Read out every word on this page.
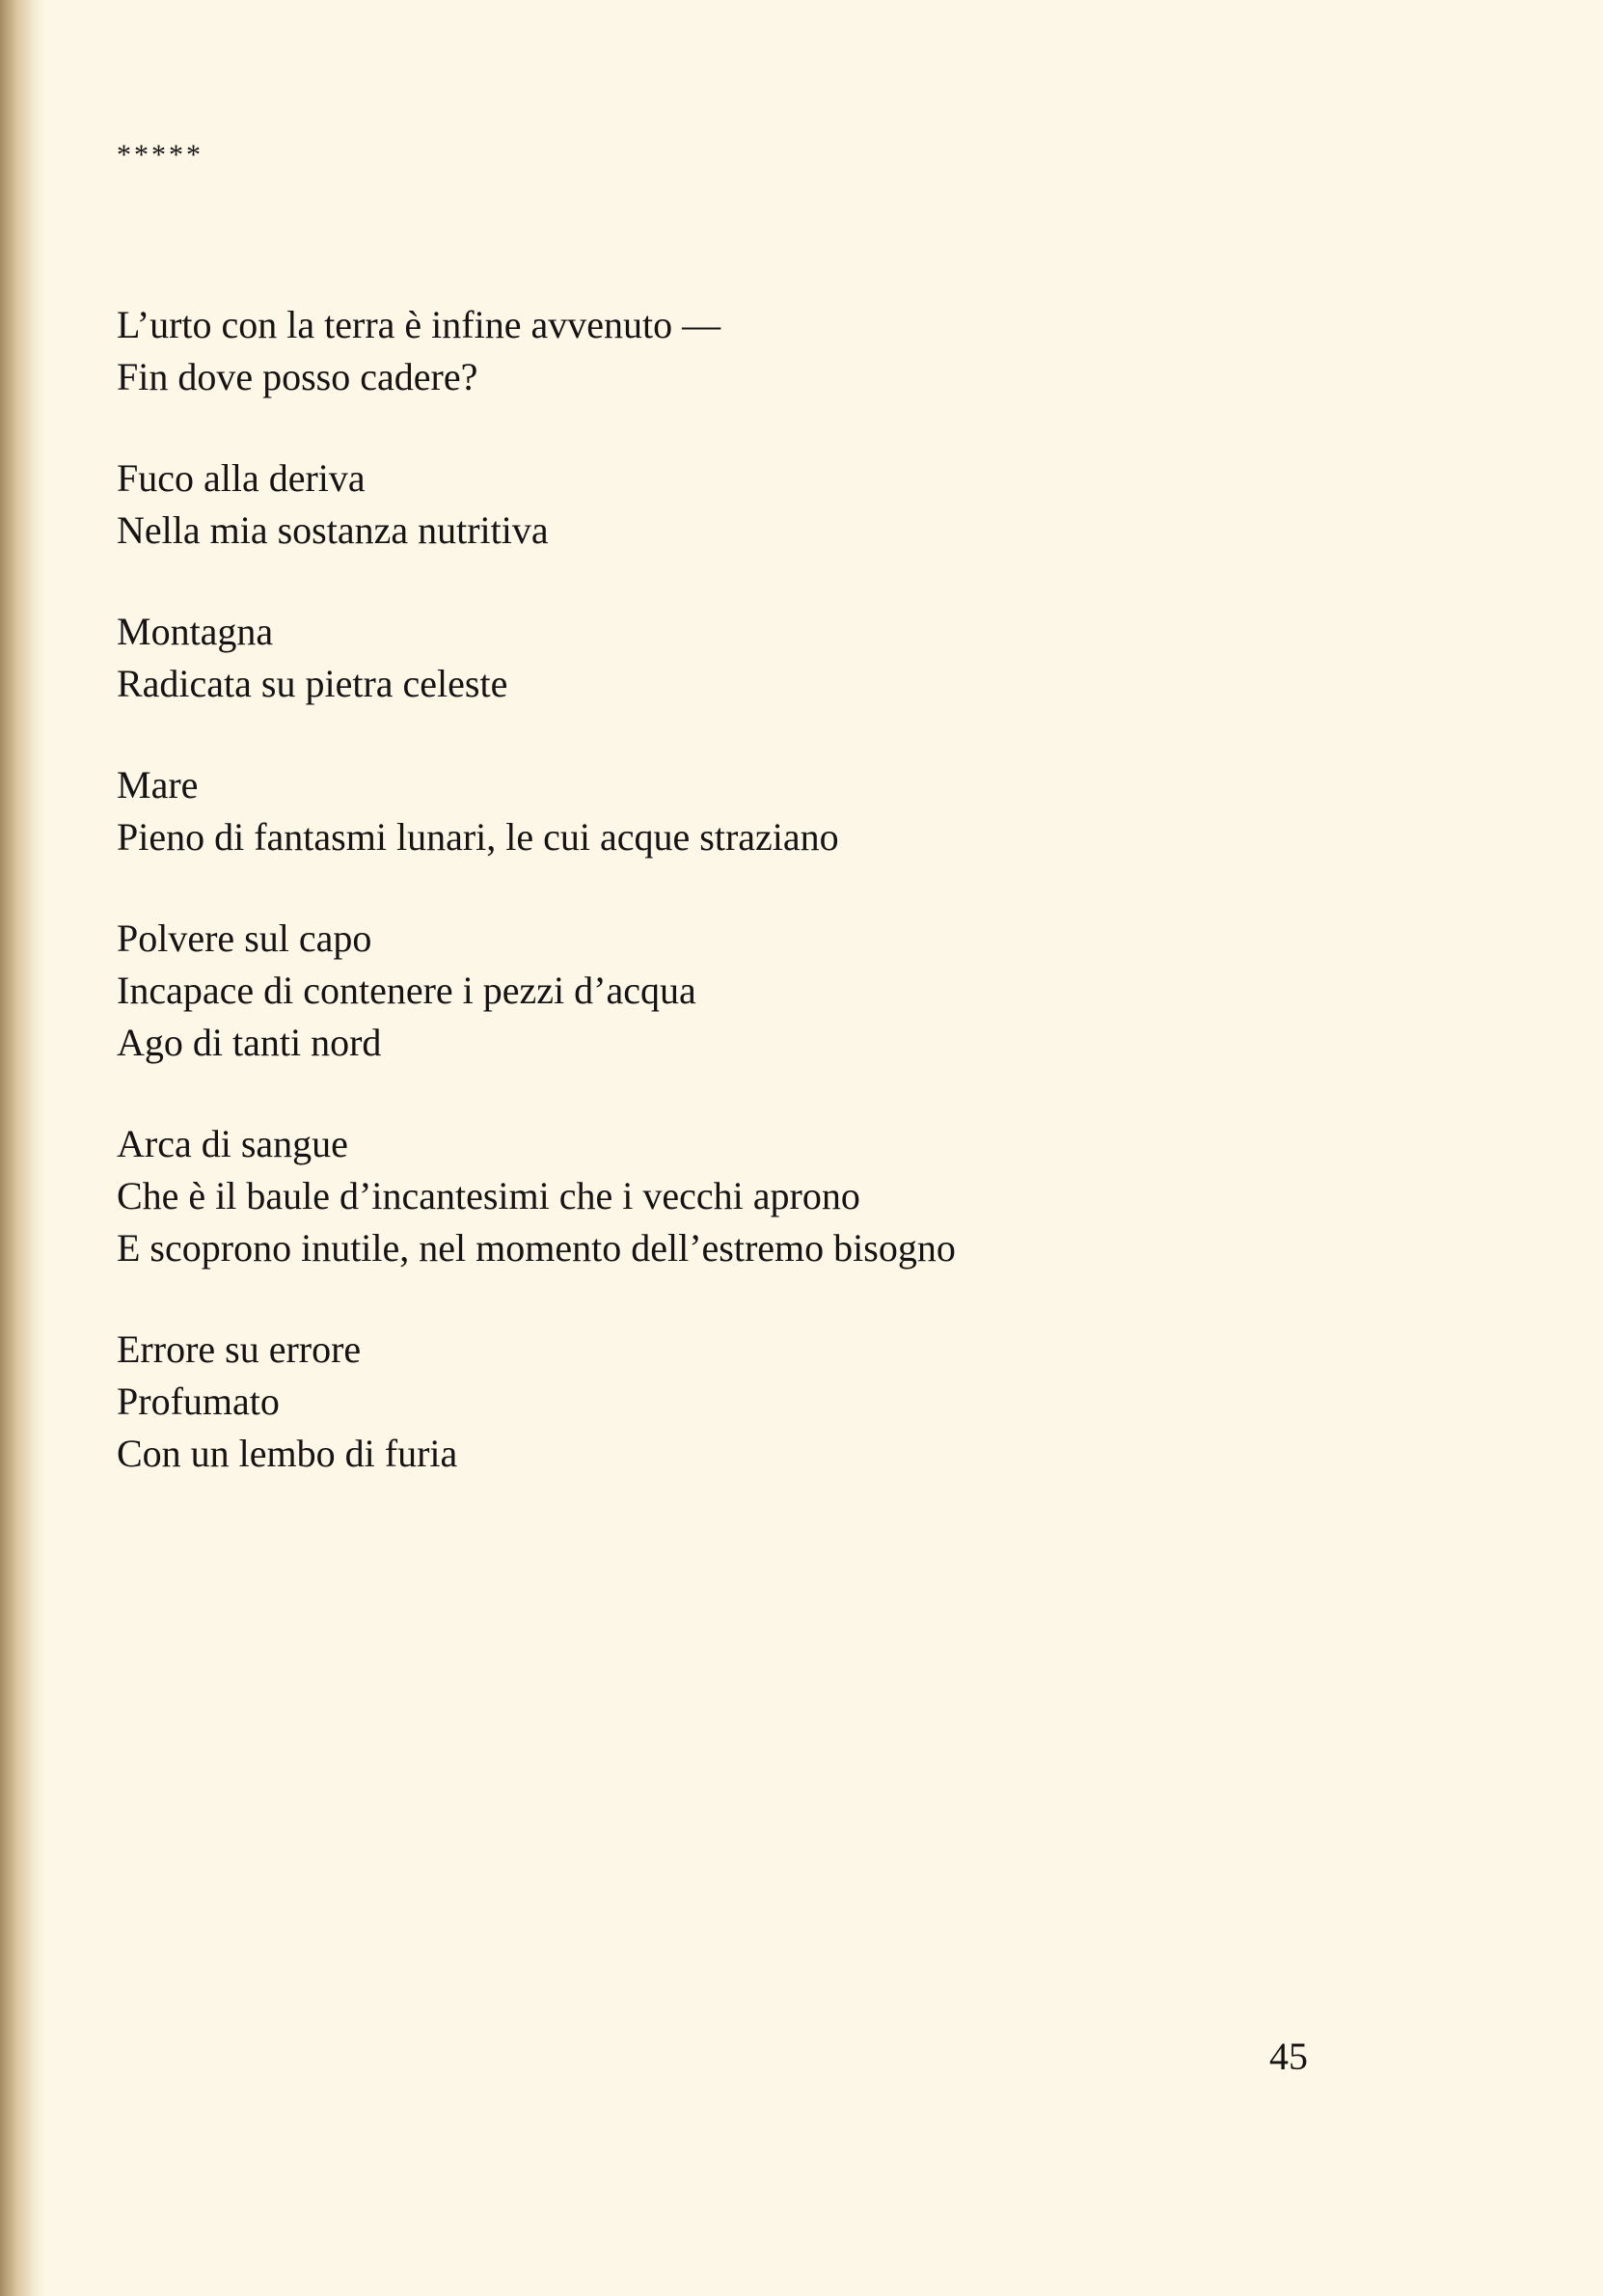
*****
L’urto con la terra è infine avvenuto —
Fin dove posso cadere?
Fuco alla deriva
Nella mia sostanza nutritiva
Montagna
Radicata su pietra celeste
Mare
Pieno di fantasmi lunari, le cui acque straziano
Polvere sul capo
Incapace di contenere i pezzi d’acqua
Ago di tanti nord
Arca di sangue
Che è il baule d’incantesimi che i vecchi aprono
E scoprono inutile, nel momento dell’estremo bisogno
Errore su errore
Profumato
Con un lembo di furia
45
